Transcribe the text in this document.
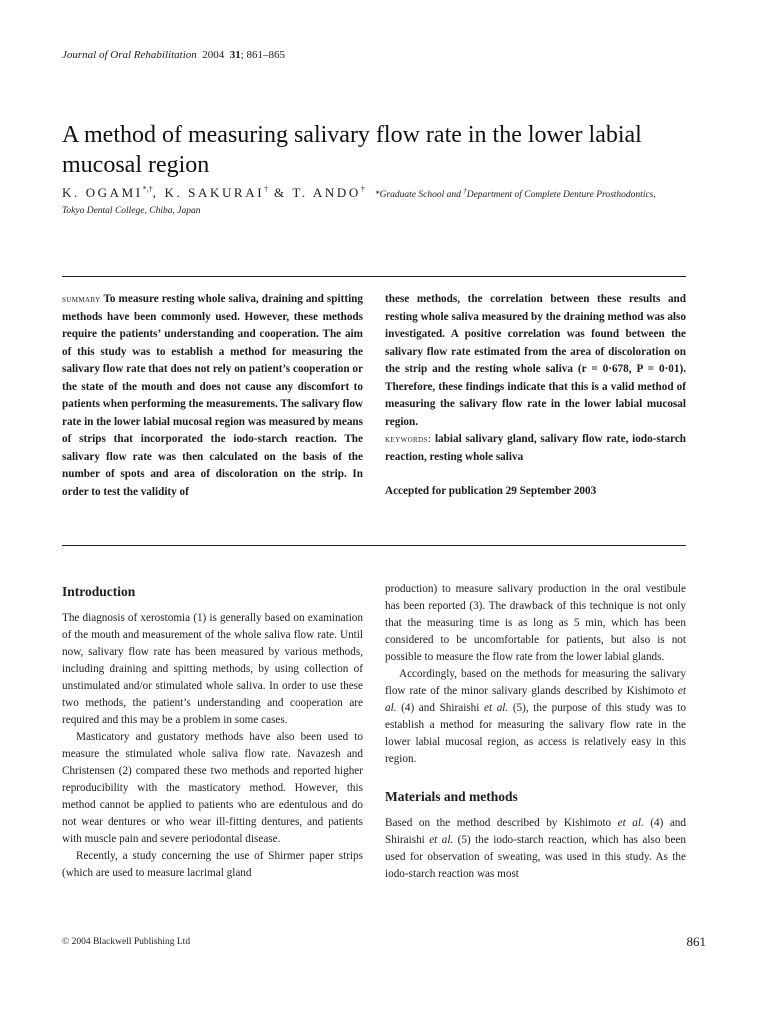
Journal of Oral Rehabilitation 2004 31; 861–865
A method of measuring salivary flow rate in the lower labial mucosal region
K. OGAMI*,†, K. SAKURAI† & T. ANDO†*Graduate School and †Department of Complete Denture Prosthodontics,
Tokyo Dental College, Chiba, Japan

summary To measure resting whole saliva, draining and spitting methods have been commonly used. However, these methods require the patients’ understanding and cooperation. The aim of this study was to establish a method for measuring the salivary flow rate that does not rely on patient’s cooperation or the state of the mouth and does not cause any discomfort to patients when performing the measurements. The salivary flow rate in the lower labial mucosal region was measured by means of strips that incorporated the iodo-starch reaction. The salivary flow rate was then calculated on the basis of the number of spots and area of discoloration on the strip. In order to test the validity of

these methods, the correlation between these results and resting whole saliva measured by the draining method was also investigated. A positive correlation was found between the salivary flow rate estimated from the area of discoloration on the strip and the resting whole saliva (r = 0·678, P = 0·01). Therefore, these findings indicate that this is a valid method of measuring the salivary flow rate in the lower labial mucosal region.

keywords: labial salivary gland, salivary flow rate, iodo-starch reaction, resting whole saliva

Accepted for publication 29 September 2003

Introduction

The diagnosis of xerostomia (1) is generally based on examination of the mouth and measurement of the whole saliva flow rate. Until now, salivary flow rate has been measured by various methods, including draining and spitting methods, by using collection of unstimulated and/or stimulated whole saliva. In order to use these two methods, the patient’s understanding and cooperation are required and this may be a problem in some cases.

Masticatory and gustatory methods have also been used to measure the stimulated whole saliva flow rate. Navazesh and Christensen (2) compared these two methods and reported higher reproducibility with the masticatory method. However, this method cannot be applied to patients who are edentulous and do not wear dentures or who wear ill-fitting dentures, and patients with muscle pain and severe periodontal disease.

Recently, a study concerning the use of Shirmer paper strips (which are used to measure lacrimal gland

production) to measure salivary production in the oral vestibule has been reported (3). The drawback of this technique is not only that the measuring time is as long as 5 min, which has been considered to be uncomfortable for patients, but also is not possible to measure the flow rate from the lower labial glands.

Accordingly, based on the methods for measuring the salivary flow rate of the minor salivary glands described by Kishimoto et al. (4) and Shiraishi et al. (5), the purpose of this study was to establish a method for measuring the salivary flow rate in the lower labial mucosal region, as access is relatively easy in this region.

Materials and methods

Based on the method described by Kishimoto et al. (4) and Shiraishi et al. (5) the iodo-starch reaction, which has also been used for observation of sweating, was used in this study. As the iodo-starch reaction was most

© 2004 Blackwell Publishing Ltd	861
